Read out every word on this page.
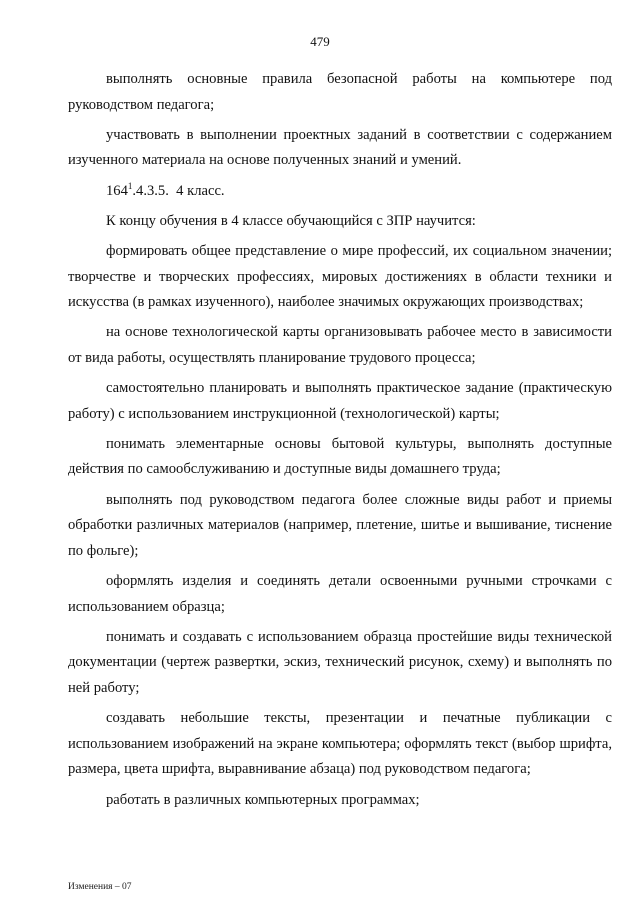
479

выполнять основные правила безопасной работы на компьютере под руководством педагога;

участвовать в выполнении проектных заданий в соответствии с содержанием изученного материала на основе полученных знаний и умений.

$164^1.4.3.5$. 4 класс.

К концу обучения в 4 классе обучающийся с ЗПР научится:

формировать общее представление о мире профессий, их социальном значении; творчестве и творческих профессиях, мировых достижениях в области техники и искусства (в рамках изученного), наиболее значимых окружающих производствах;

на основе технологической карты организовывать рабочее место в зависимости от вида работы, осуществлять планирование трудового процесса;

самостоятельно планировать и выполнять практическое задание (практическую работу) с использованием инструкционной (технологической) карты;

понимать элементарные основы бытовой культуры, выполнять доступные действия по самообслуживанию и доступные виды домашнего труда;

выполнять под руководством педагога более сложные виды работ и приемы обработки различных материалов (например, плетение, шитье и вышивание, тиснение по фольге);

оформлять изделия и соединять детали освоенными ручными строчками с использованием образца;

понимать и создавать с использованием образца простейшие виды технической документации (чертеж развертки, эскиз, технический рисунок, схему) и выполнять по ней работу;

создавать небольшие тексты, презентации и печатные публикации с использованием изображений на экране компьютера; оформлять текст (выбор шрифта, размера, цвета шрифта, выравнивание абзаца) под руководством педагога;

работать в различных компьютерных программах;

Изменения – 07
